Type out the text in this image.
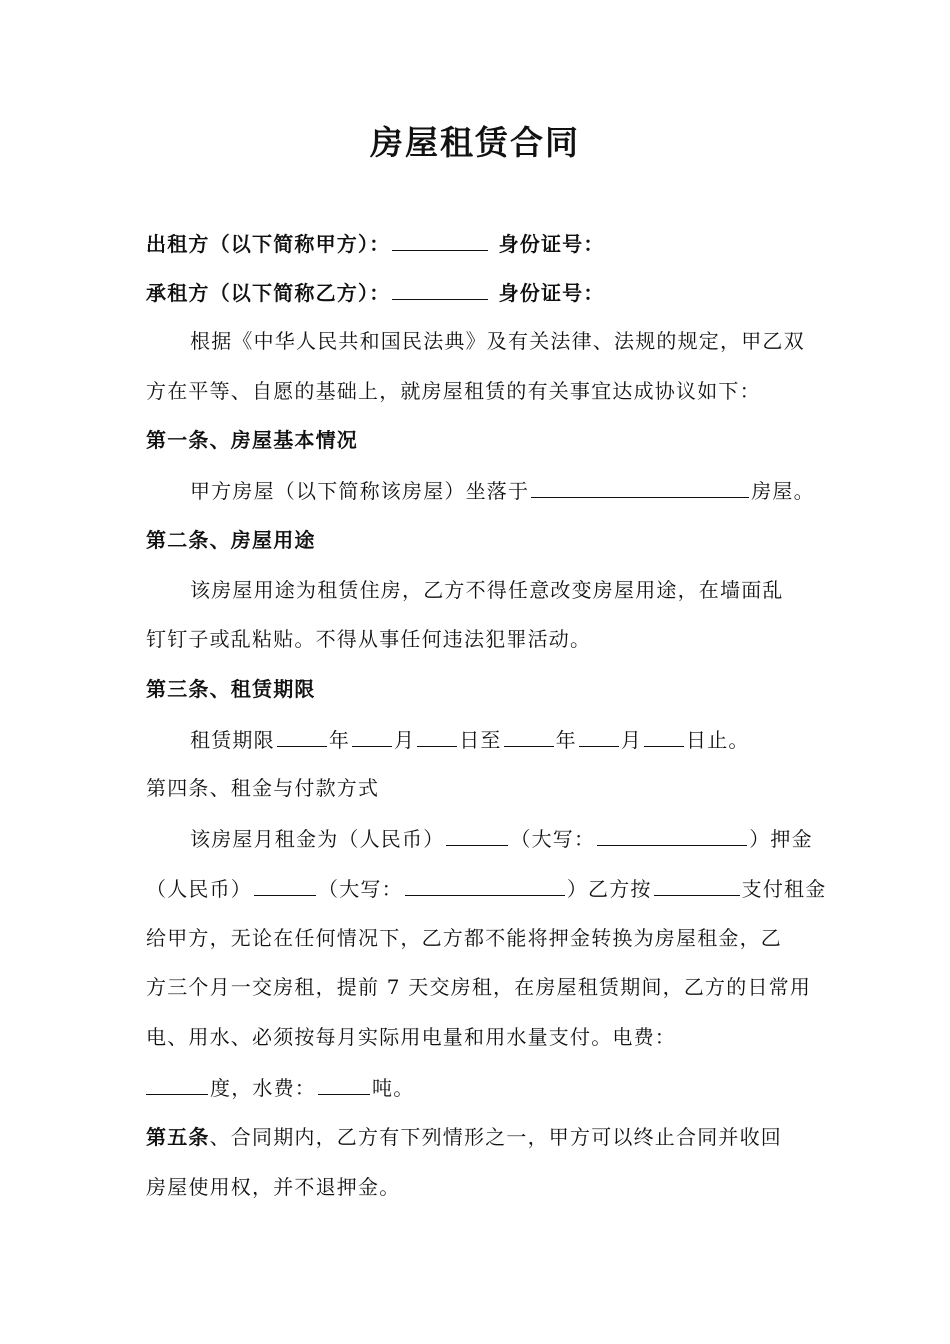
房屋租赁合同
出租方（以下简称甲方）：	身份证号：
承租方（以下简称乙方）：	身份证号：
根据《中华人民共和国民法典》及有关法律、法规的规定，甲乙双
方在平等、自愿的基础上，就房屋租赁的有关事宜达成协议如下：
第一条、房屋基本情况
甲方房屋（以下简称该房屋）坐落于	房屋。
第二条、房屋用途
该房屋用途为租赁住房，乙方不得任意改变房屋用途，在墙面乱
钉钉子或乱粘贴。不得从事任何违法犯罪活动。
第三条、租赁期限
租赁期限	年 月 日至	年 月 日止。
第四条、租金与付款方式
该房屋月租金为（人民币）	（大写：	）押金
（人民币）	（大写：	）乙方按	支付租金
给甲方，无论在任何情况下，乙方都不能将押金转换为房屋租金，乙
方三个月一交房租，提前 7 天交房租，在房屋租赁期间，乙方的日常用
电、用水、必须按每月实际用电量和用水量支付。电费：
度，水费：	吨。
第五条、合同期内，乙方有下列情形之一，甲方可以终止合同并收回
房屋使用权，并不退押金。
